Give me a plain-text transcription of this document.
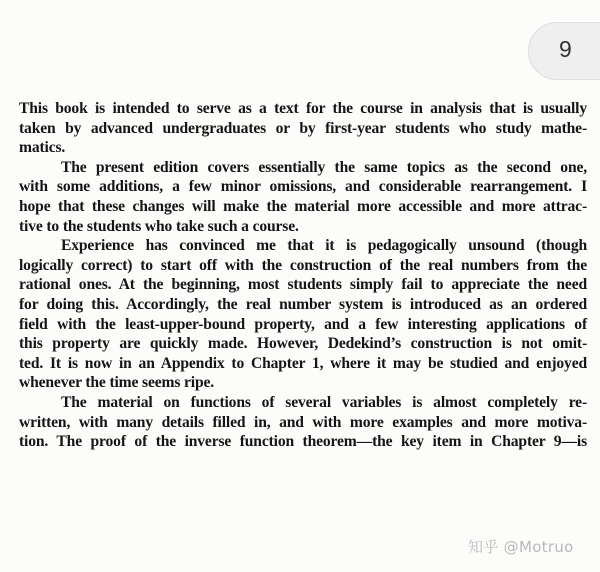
9

This book is intended to serve as a text for the course in analysis that is usually
taken by advanced undergraduates or by first-year students who study mathe-
matics.

The present edition covers essentially the same topics as the second one,
with some additions, a few minor omissions, and considerable rearrangement. I
hope that these changes will make the material more accessible and more attrac-
tive to the students who take such a course.

Experience has convinced me that it is pedagogically unsound (though
logically correct) to start off with the construction of the real numbers from the
rational ones. At the beginning, most students simply fail to appreciate the need
for doing this. Accordingly, the real number system is introduced as an ordered
field with the least-upper-bound property, and a few interesting applications of
this property are quickly made. However, Dedekind’s construction is not omit-
ted. It is now in an Appendix to Chapter 1, where it may be studied and enjoyed
whenever the time seems ripe.

The material on functions of several variables is almost completely re-
written, with many details filled in, and with more examples and more motiva-
tion. The proof of the inverse function theorem—the key item in Chapter 9—is

知乎 @Motruo
